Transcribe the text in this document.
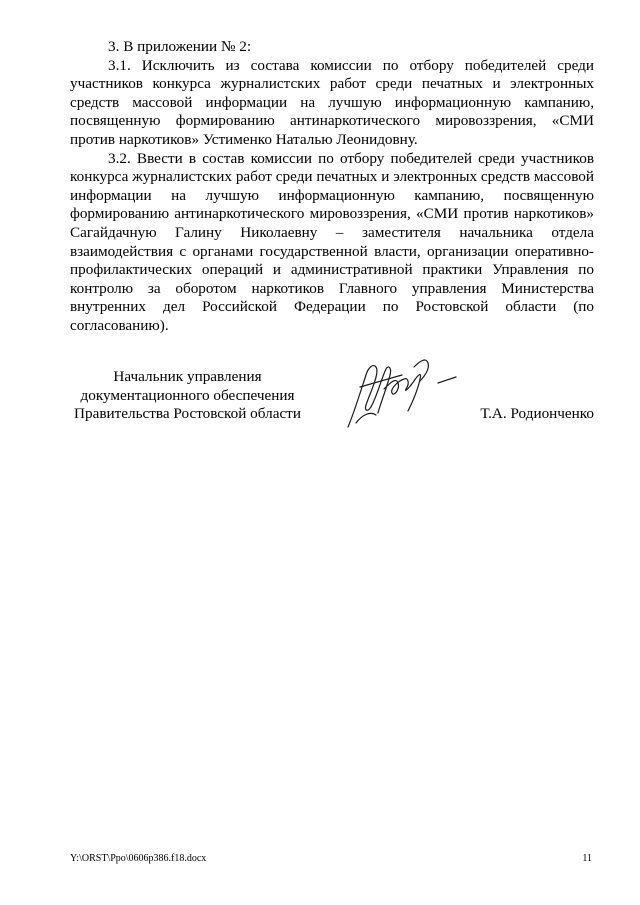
3. В приложении № 2:

3.1. Исключить из состава комиссии по отбору победителей среди участников конкурса журналистских работ среди печатных и электронных средств массовой информации на лучшую информационную кампанию, посвященную формированию антинаркотического мировоззрения, «СМИ против наркотиков» Устименко Наталью Леонидовну.

3.2. Ввести в состав комиссии по отбору победителей среди участников конкурса журналистских работ среди печатных и электронных средств массовой информации на лучшую информационную кампанию, посвященную формированию антинаркотического мировоззрения, «СМИ против наркотиков» Сагайдачную Галину Николаевну – заместителя начальника отдела взаимодействия с органами государственной власти, организации оперативно-профилактических операций и административной практики Управления по контролю за оборотом наркотиков Главного управления Министерства внутренних дел Российской Федерации по Ростовской области (по согласованию).

Начальник управления
документационного обеспечения
Правительства Ростовской области	Т.А. Родионченко
Y:\ORST\Ppo\0606p386.f18.docx	11
